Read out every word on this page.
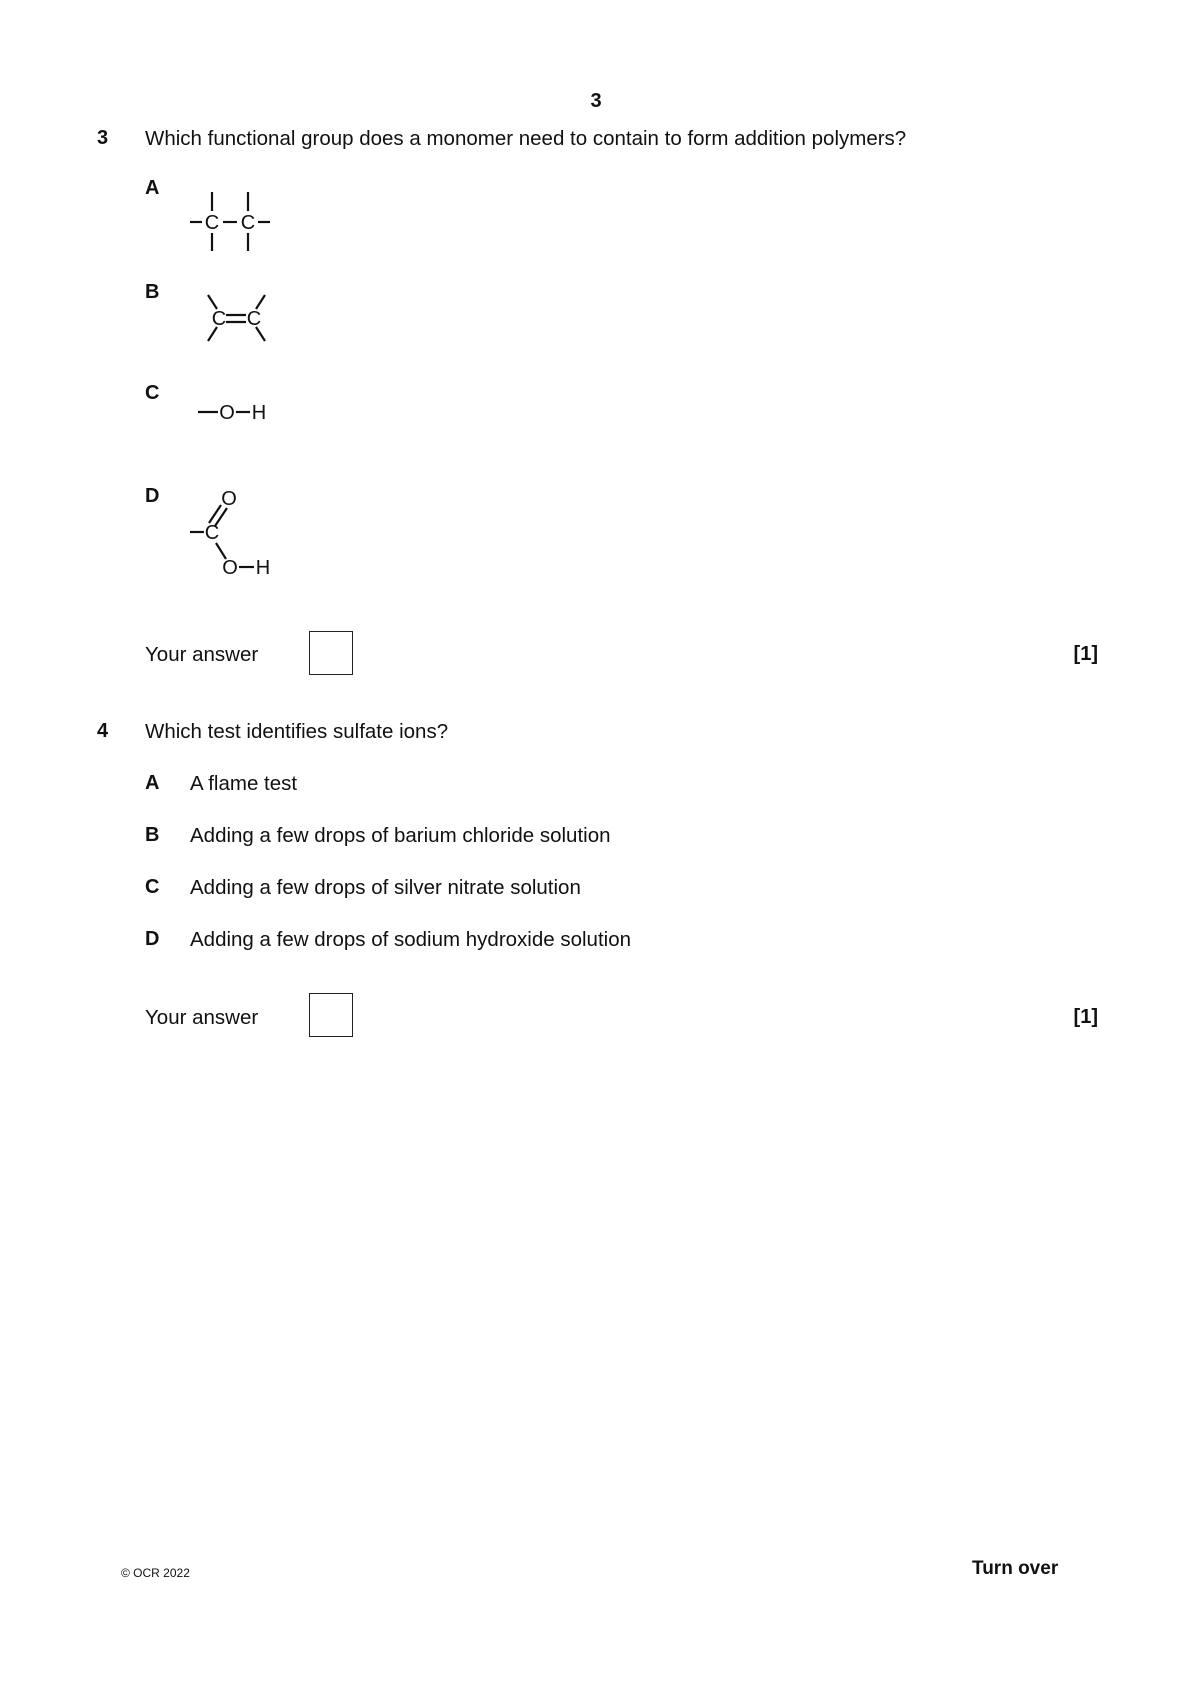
3
3 Which functional group does a monomer need to contain to form addition polymers?
A
C C
B
C C
C
O H
D
C
O
O H
Your answer	[1]
4 Which test identifies sulfate ions?
A A flame test
B Adding a few drops of barium chloride solution
C Adding a few drops of silver nitrate solution
D Adding a few drops of sodium hydroxide solution
Your answer	[1]
© OCR 2022	Turn over
